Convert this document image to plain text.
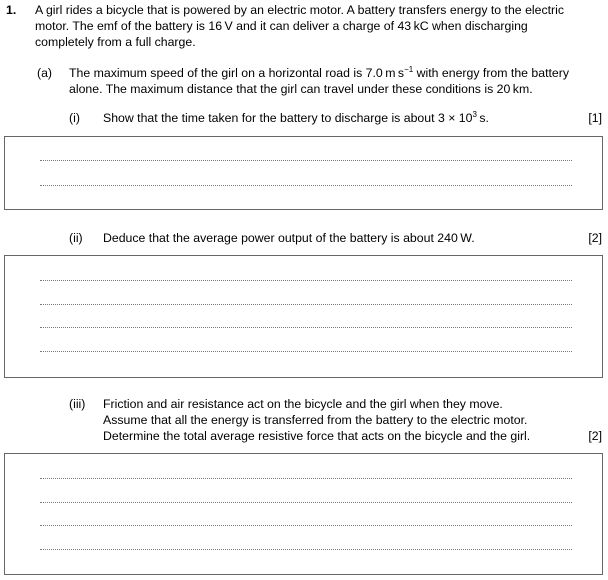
1. A girl rides a bicycle that is powered by an electric motor. A battery transfers energy to the electric motor. The emf of the battery is 16 V and it can deliver a charge of 43 kC when discharging completely from a full charge.
(a) The maximum speed of the girl on a horizontal road is 7.0 m $s^{-1}$ with energy from the battery alone. The maximum distance that the girl can travel under these conditions is 20 km.
(i) Show that the time taken for the battery to discharge is about $3 \times 10^3$ s.	[1]
(ii) Deduce that the average power output of the battery is about 240 W.	[2]
(iii) Friction and air resistance act on the bicycle and the girl when they move.
Assume that all the energy is transferred from the battery to the electric motor.
Determine the total average resistive force that acts on the bicycle and the girl.	[2]
